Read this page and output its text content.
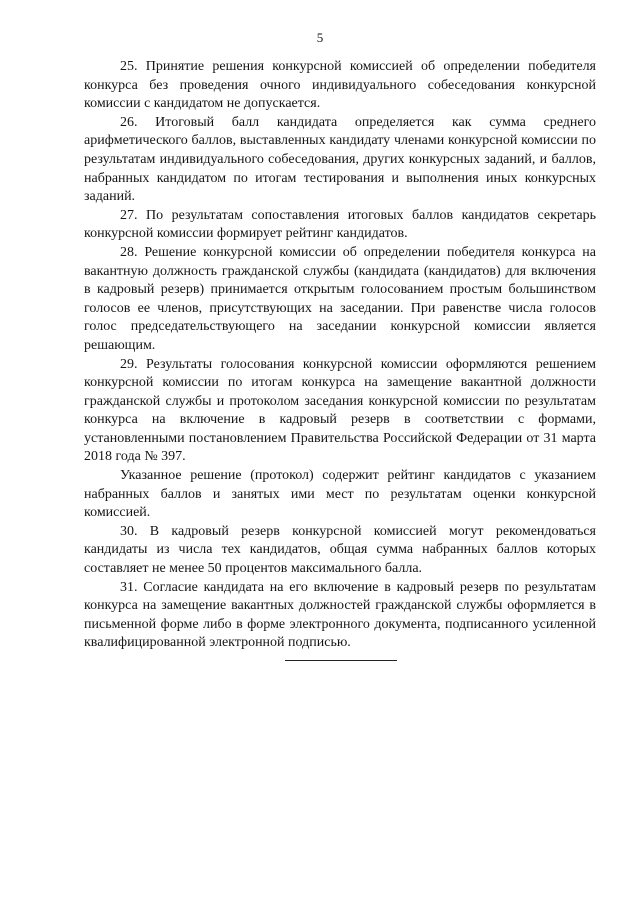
5

25. Принятие решения конкурсной комиссией об определении победителя конкурса без проведения очного индивидуального собеседования конкурсной комиссии с кандидатом не допускается.

26. Итоговый балл кандидата определяется как сумма среднего арифметического баллов, выставленных кандидату членами конкурсной комиссии по результатам индивидуального собеседования, других конкурсных заданий, и баллов, набранных кандидатом по итогам тестирования и выполнения иных конкурсных заданий.

27. По результатам сопоставления итоговых баллов кандидатов секретарь конкурсной комиссии формирует рейтинг кандидатов.

28. Решение конкурсной комиссии об определении победителя конкурса на вакантную должность гражданской службы (кандидата (кандидатов) для включения в кадровый резерв) принимается открытым голосованием простым большинством голосов ее членов, присутствующих на заседании. При равенстве числа голосов голос председательствующего на заседании конкурсной комиссии является решающим.

29. Результаты голосования конкурсной комиссии оформляются решением конкурсной комиссии по итогам конкурса на замещение вакантной должности гражданской службы и протоколом заседания конкурсной комиссии по результатам конкурса на включение в кадровый резерв в соответствии с формами, установленными постановлением Правительства Российской Федерации от 31 марта 2018 года № 397.

Указанное решение (протокол) содержит рейтинг кандидатов с указанием набранных баллов и занятых ими мест по результатам оценки конкурсной комиссией.

30. В кадровый резерв конкурсной комиссией могут рекомендоваться кандидаты из числа тех кандидатов, общая сумма набранных баллов которых составляет не менее 50 процентов максимального балла.

31. Согласие кандидата на его включение в кадровый резерв по результатам конкурса на замещение вакантных должностей гражданской службы оформляется в письменной форме либо в форме электронного документа, подписанного усиленной квалифицированной электронной подписью.
